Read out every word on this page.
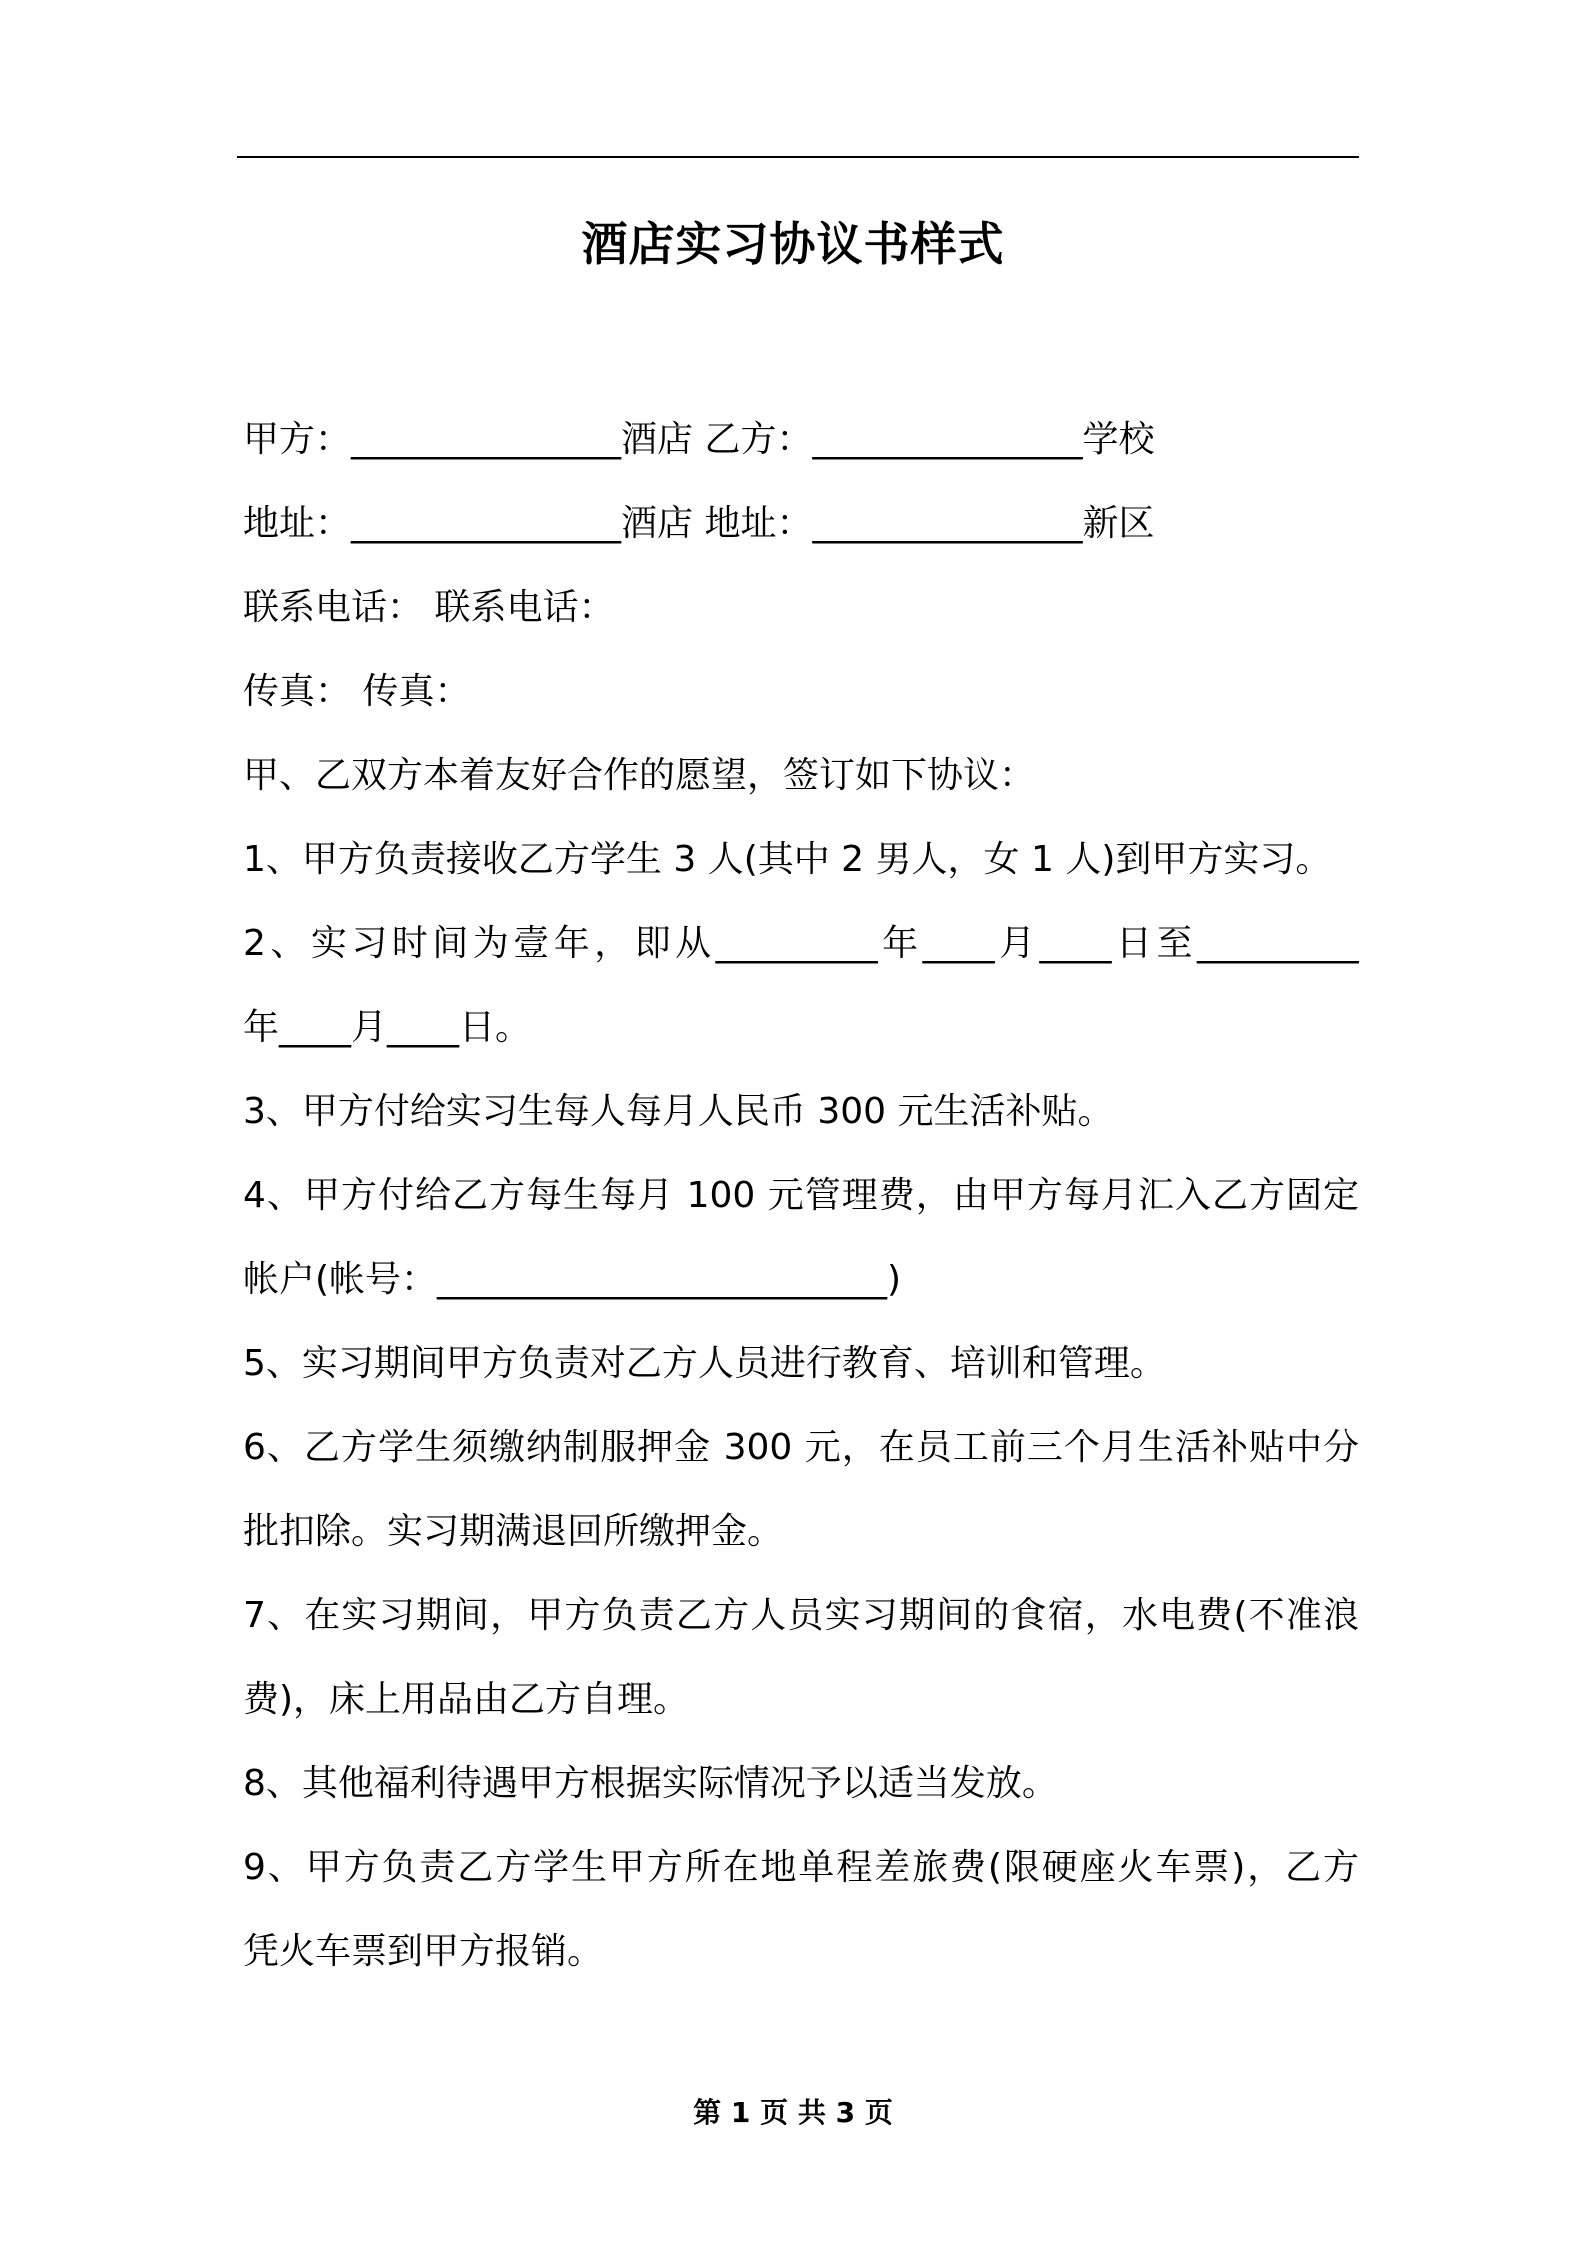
酒店实习协议书样式
甲方：_______________酒店 乙方：_______________学校
地址：_______________酒店 地址：_______________新区
联系电话： 联系电话：
传真： 传真：
甲、乙双方本着友好合作的愿望，签订如下协议：
1、甲方负责接收乙方学生 3 人(其中 2 男人，女 1 人)到甲方实习。
2、实习时间为壹年，即从_________年____月____日至_________
年____月____日。
3、甲方付给实习生每人每月人民币 300 元生活补贴。
4、甲方付给乙方每生每月 100 元管理费，由甲方每月汇入乙方固定
帐户(帐号：_________________________)
5、实习期间甲方负责对乙方人员进行教育、培训和管理。
6、乙方学生须缴纳制服押金 300 元，在员工前三个月生活补贴中分
批扣除。实习期满退回所缴押金。
7、在实习期间，甲方负责乙方人员实习期间的食宿，水电费(不准浪
费)，床上用品由乙方自理。
8、其他福利待遇甲方根据实际情况予以适当发放。
9、甲方负责乙方学生甲方所在地单程差旅费(限硬座火车票)，乙方
凭火车票到甲方报销。
第 1 页 共 3 页
